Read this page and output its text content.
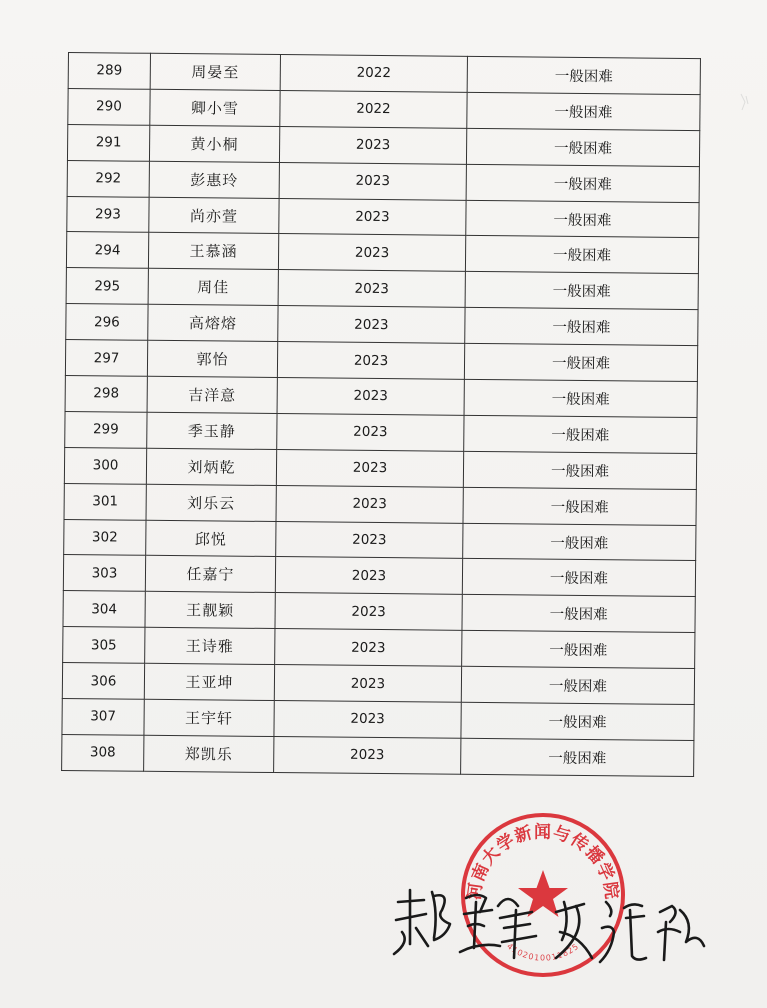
289	周晏至	2022	一般困难
290	卿小雪	2022	一般困难
291	黄小桐	2023	一般困难
292	彭惠玲	2023	一般困难
293	尚亦萱	2023	一般困难
294	王慕涵	2023	一般困难
295	周佳	2023	一般困难
296	高熔熔	2023	一般困难
297	郭怡	2023	一般困难
298	吉洋意	2023	一般困难
299	季玉静	2023	一般困难
300	刘炳乾	2023	一般困难
301	刘乐云	2023	一般困难
302	邱悦	2023	一般困难
303	任嘉宁	2023	一般困难
304	王靓颖	2023	一般困难
305	王诗雅	2023	一般困难
306	王亚坤	2023	一般困难
307	王宇轩	2023	一般困难
308	郑凯乐	2023	一般困难
河南大学新闻与传播学院
4102010011825
郝勉锋 史润欣
